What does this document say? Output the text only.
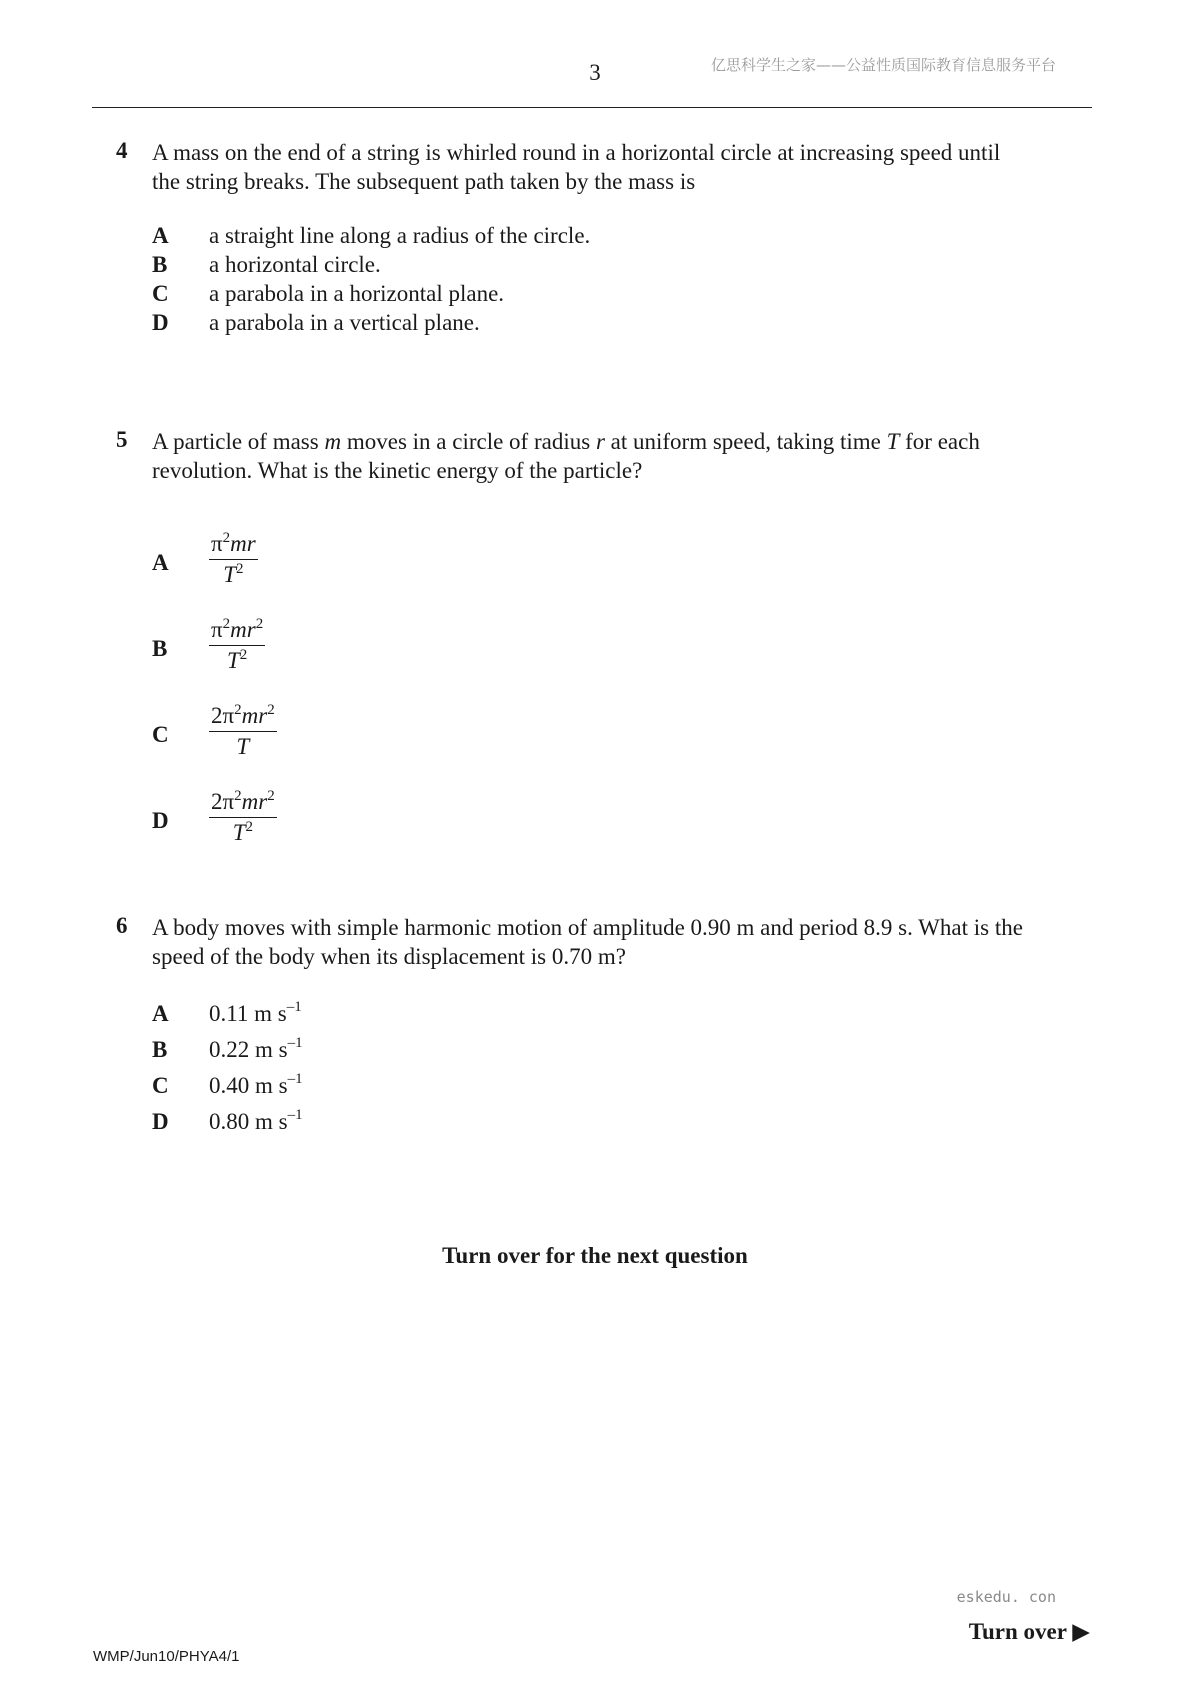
3	亿思科学生之家——公益性质国际教育信息服务平台
4 A mass on the end of a string is whirled round in a horizontal circle at increasing speed until
the string breaks. The subsequent path taken by the mass is
A a straight line along a radius of the circle.
B a horizontal circle.
C a parabola in a horizontal plane.
D a parabola in a vertical plane.
5 A particle of mass m moves in a circle of radius r at uniform speed, taking time T for each
revolution. What is the kinetic energy of the particle?
A $\frac{\pi^2mr}{T^2}$
B $\frac{\pi^2mr^2}{T^2}$
C $\frac{2\pi^2mr^2}{T}$
D $\frac{2\pi^2mr^2}{T^2}$
6 A body moves with simple harmonic motion of amplitude 0.90 m and period 8.9 s. What is the
speed of the body when its displacement is 0.70 m?
A 0.11 m $s^{-1}$
B 0.22 m $s^{-1}$
C 0.40 m $s^{-1}$
D 0.80 m $s^{-1}$
Turn over for the next question
eskedu. con
Turn over ▶
WMP/Jun10/PHYA4/1
